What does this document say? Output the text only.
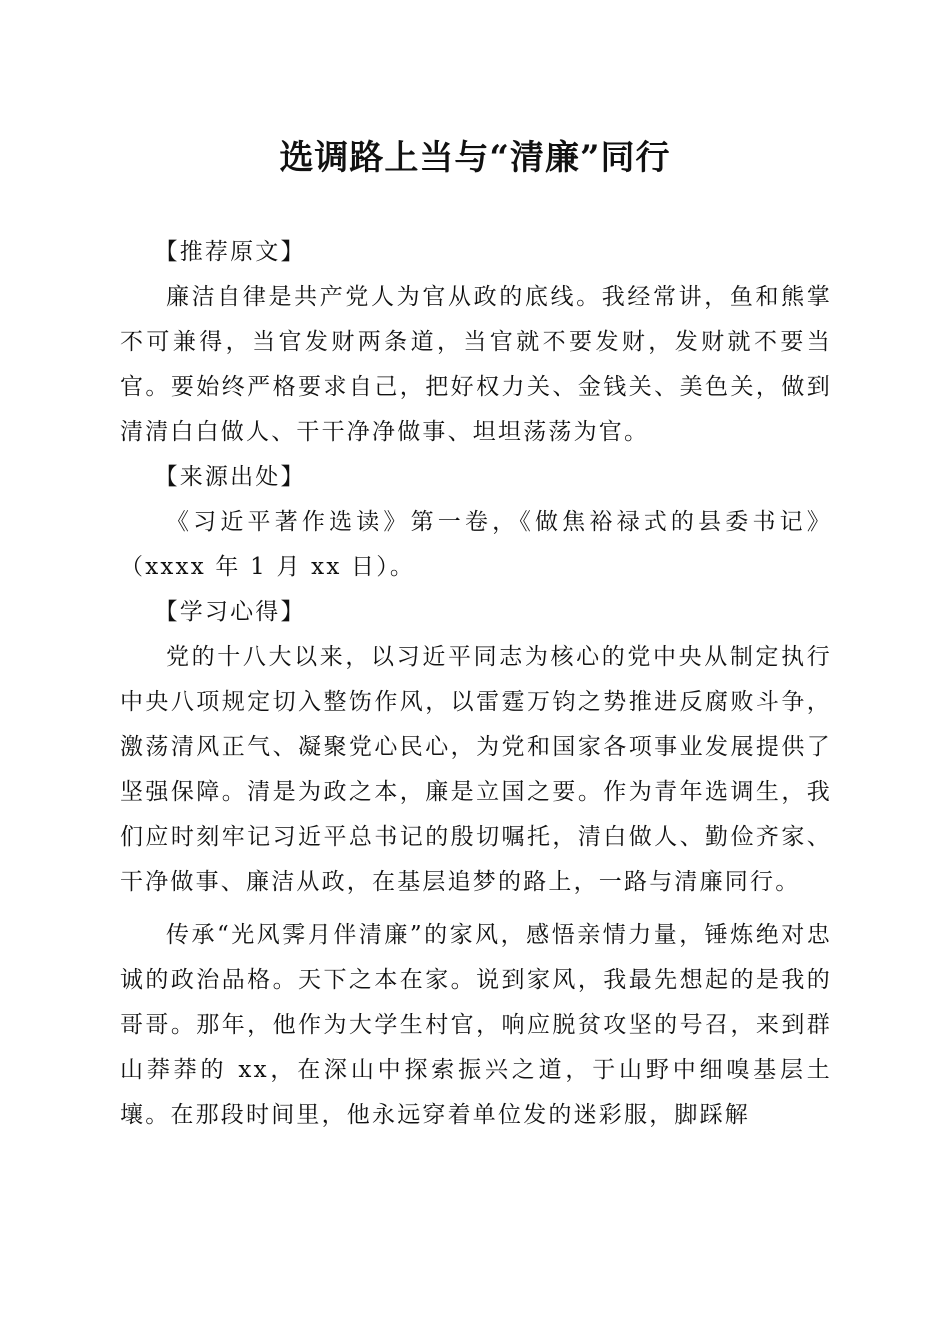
选调路上当与“清廉”同行

【推荐原文】

廉洁自律是共产党人为官从政的底线。我经常讲，鱼和熊掌不可兼得，当官发财两条道，当官就不要发财，发财就不要当官。要始终严格要求自己，把好权力关、金钱关、美色关，做到清清白白做人、干干净净做事、坦坦荡荡为官。

【来源出处】

《习近平著作选读》第一卷，《做焦裕禄式的县委书记》（xxxx 年 1 月 xx 日）。

【学习心得】

党的十八大以来，以习近平同志为核心的党中央从制定执行中央八项规定切入整饬作风，以雷霆万钧之势推进反腐败斗争，激荡清风正气、凝聚党心民心，为党和国家各项事业发展提供了坚强保障。清是为政之本，廉是立国之要。作为青年选调生，我们应时刻牢记习近平总书记的殷切嘱托，清白做人、勤俭齐家、干净做事、廉洁从政，在基层追梦的路上，一路与清廉同行。

传承“光风霁月伴清廉”的家风，感悟亲情力量，锤炼绝对忠诚的政治品格。天下之本在家。说到家风，我最先想起的是我的哥哥。那年，他作为大学生村官，响应脱贫攻坚的号召，来到群山莽莽的 xx，在深山中探索振兴之道，于山野中细嗅基层土壤。在那段时间里，他永远穿着单位发的迷彩服，脚踩解
